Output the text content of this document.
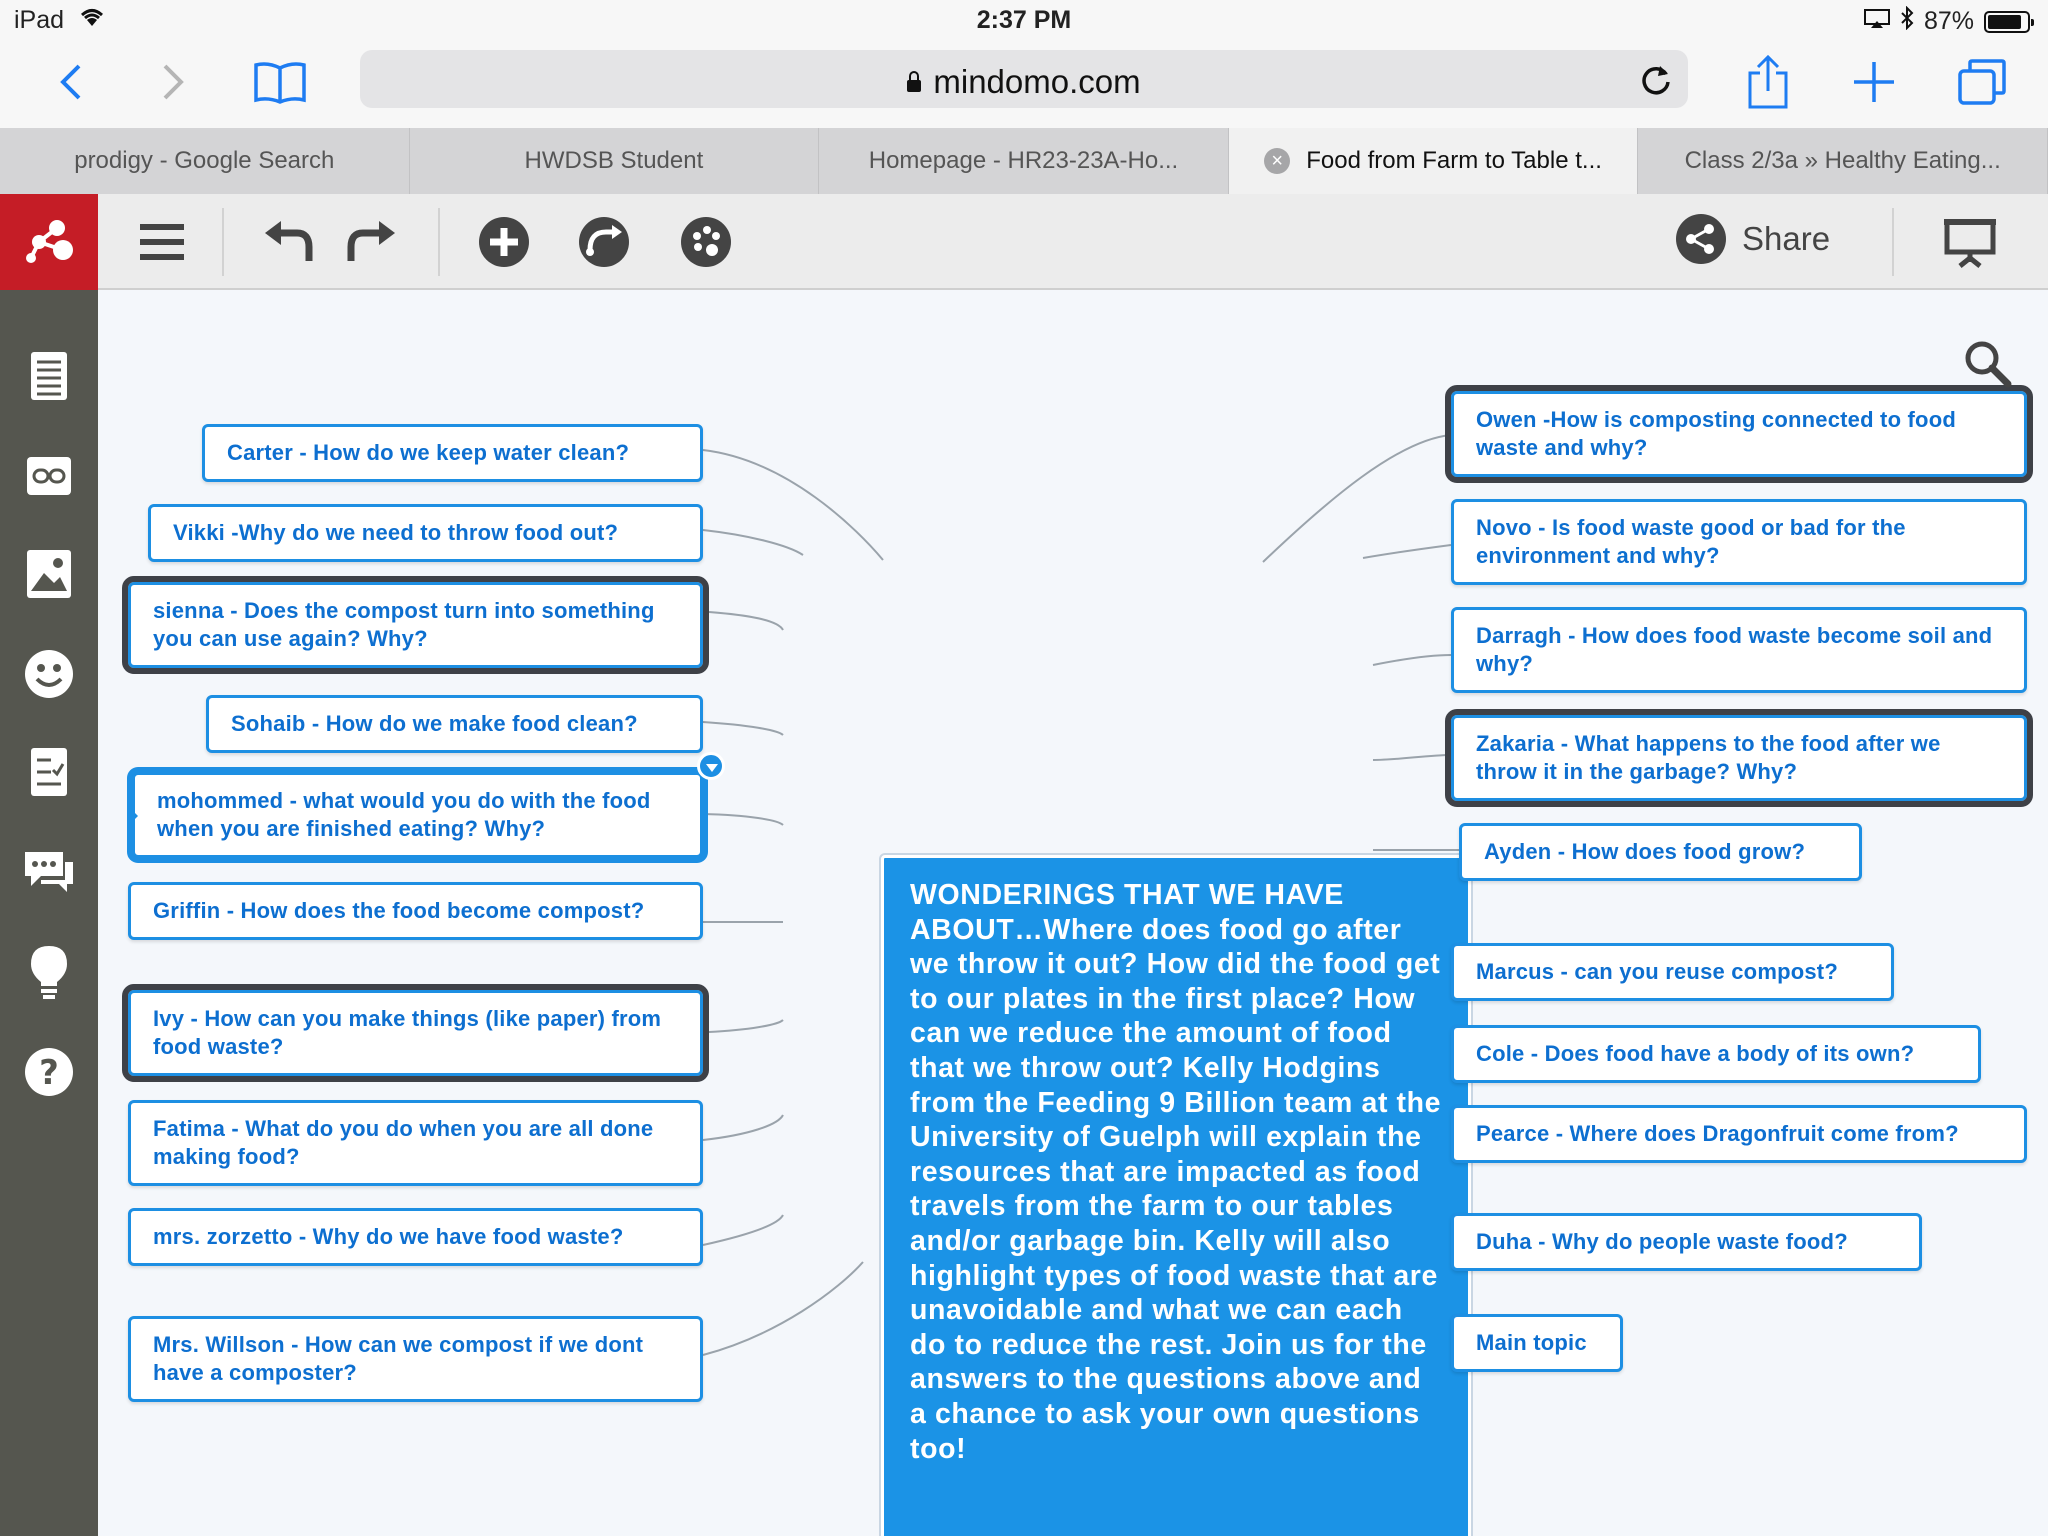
iPad	2:37 PM	87%
mindomo.com
prodigy - Google Search	HWDSB Student	Homepage - HR23-23A-Ho...	× Food from Farm to Table t...	Class 2/3a » Healthy Eating...
Share
?
Carter - How do we keep water clean?
Vikki -Why do we need to throw food out?
sienna - Does the compost turn into something you can use again? Why?
Sohaib - How do we make food clean?
mohommed - what would you do with the food when you are finished eating? Why?
Griffin - How does the food become compost?
Ivy - How can you make things (like paper) from food waste?
Fatima - What do you do when you are all done making food?
mrs. zorzetto - Why do we have food waste?
Mrs. Willson - How can we compost if we dont have a composter?
WONDERINGS THAT WE HAVE ABOUT…Where does food go after we throw it out? How did the food get to our plates in the first place? How can we reduce the amount of food that we throw out? Kelly Hodgins from the Feeding 9 Billion team at the University of Guelph will explain the resources that are impacted as food travels from the farm to our tables and/or garbage bin. Kelly will also highlight types of food waste that are unavoidable and what we can each do to reduce the rest. Join us for the answers to the questions above and a chance to ask your own questions too!
Owen -How is composting connected to food waste and why?
Novo - Is food waste good or bad for the environment and why?
Darragh - How does food waste become soil and why?
Zakaria - What happens to the food after we throw it in the garbage? Why?
Ayden - How does food grow?
Marcus - can you reuse compost?
Cole - Does food have a body of its own?
Pearce - Where does Dragonfruit come from?
Duha - Why do people waste food?
Main topic
